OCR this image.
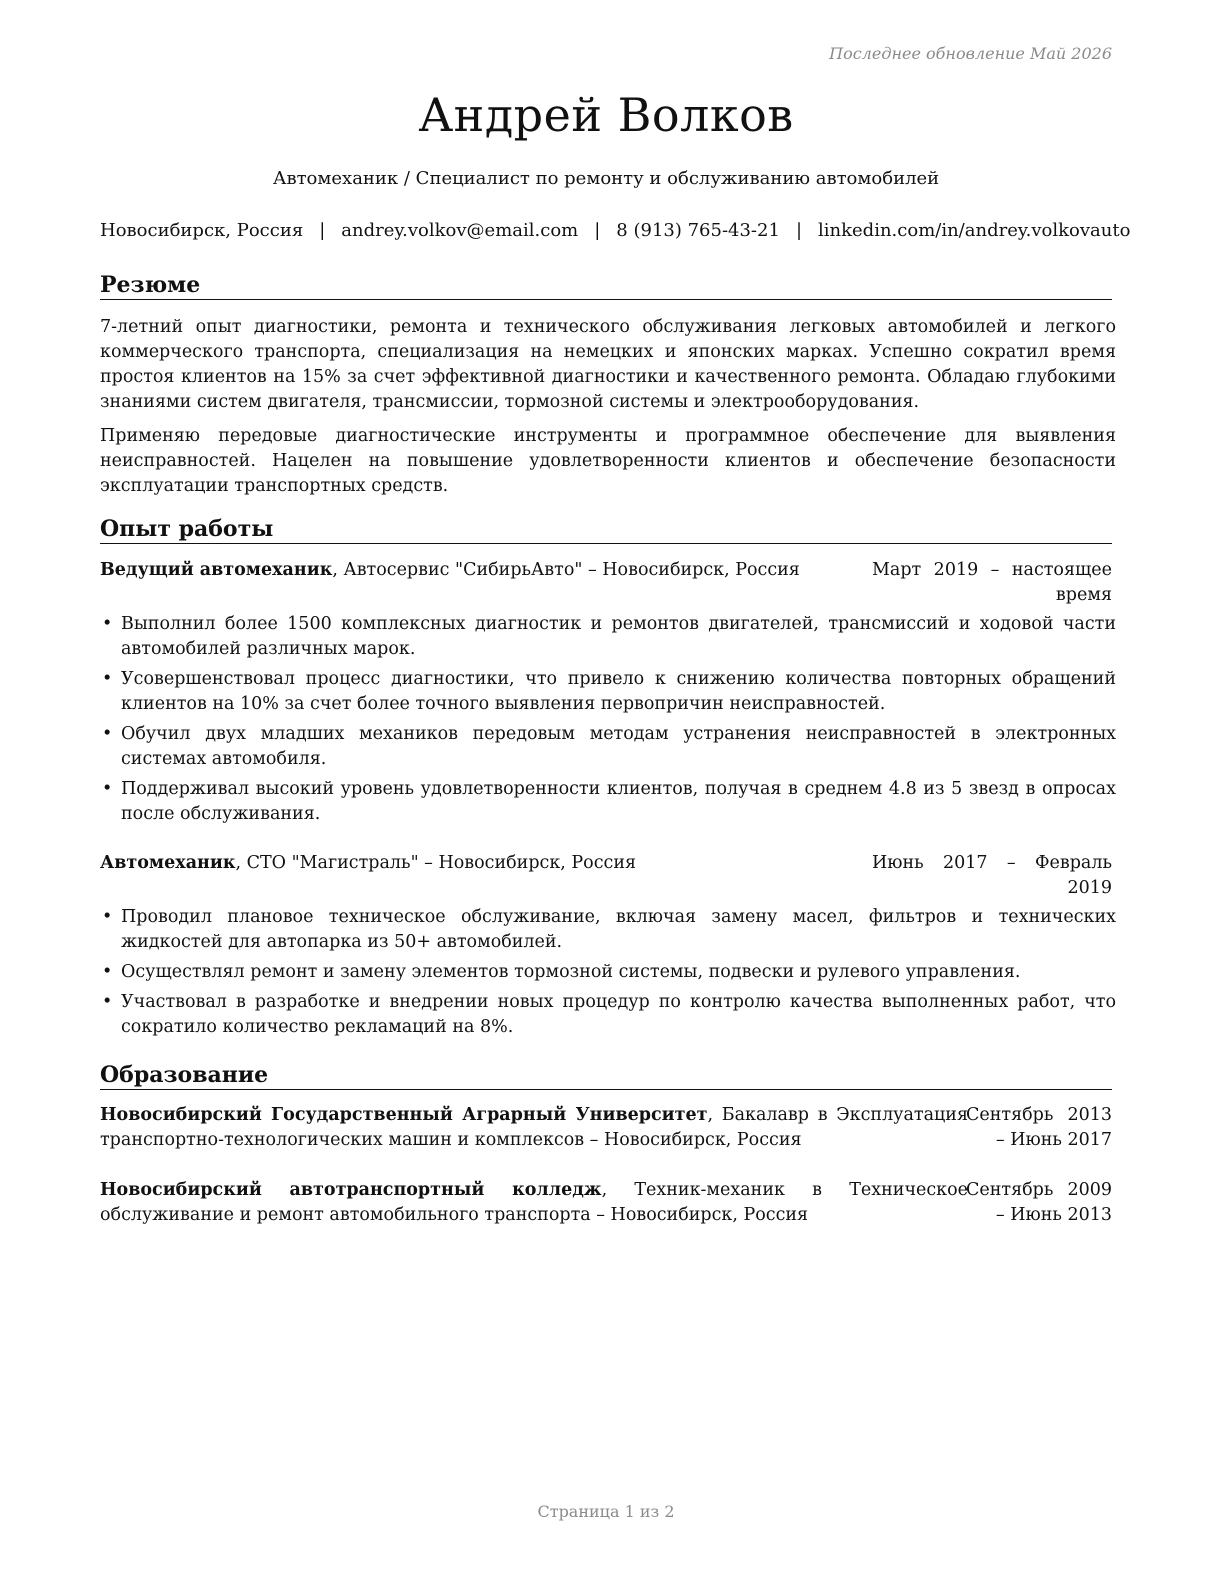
Последнее обновление Май 2026
Андрей Волков
Автомеханик / Специалист по ремонту и обслуживанию автомобилей
Новосибирск, Россия | andrey.volkov@email.com | 8 (913) 765-43-21 | linkedin.com/in/andrey.volkovauto
Резюме
7-летний опыт диагностики, ремонта и технического обслуживания легковых автомобилей и легкого коммерческого транспорта, специализация на немецких и японских марках. Успешно сократил время простоя клиентов на 15% за счет эффективной диагностики и качественного ремонта. Обладаю глубокими знаниями систем двигателя, трансмиссии, тормозной системы и электрооборудования.
Применяю передовые диагностические инструменты и программное обеспечение для выявления неисправностей. Нацелен на повышение удовлетворенности клиентов и обеспечение безопасности эксплуатации транспортных средств.
Опыт работы
Ведущий автомеханик, Автосервис "СибирьАвто" – Новосибирск, Россия	Март 2019 – настоящее время
• Выполнил более 1500 комплексных диагностик и ремонтов двигателей, трансмиссий и ходовой части автомобилей различных марок.
• Усовершенствовал процесс диагностики, что привело к снижению количества повторных обращений клиентов на 10% за счет более точного выявления первопричин неисправностей.
• Обучил двух младших механиков передовым методам устранения неисправностей в электронных системах автомобиля.
• Поддерживал высокий уровень удовлетворенности клиентов, получая в среднем 4.8 из 5 звезд в опросах после обслуживания.
Автомеханик, СТО "Магистраль" – Новосибирск, Россия	Июнь 2017 – Февраль 2019
• Проводил плановое техническое обслуживание, включая замену масел, фильтров и технических жидкостей для автопарка из 50+ автомобилей.
• Осуществлял ремонт и замену элементов тормозной системы, подвески и рулевого управления.
• Участвовал в разработке и внедрении новых процедур по контролю качества выполненных работ, что сократило количество рекламаций на 8%.
Образование
Новосибирский Государственный Аграрный Университет, Бакалавр в Эксплуатация транспортно-технологических машин и комплексов – Новосибирск, Россия
Сентябрь 2013 – Июнь 2017
Новосибирский автотранспортный колледж, Техник-механик в Техническое обслуживание и ремонт автомобильного транспорта – Новосибирск, Россия
Сентябрь 2009 – Июнь 2013
Страница 1 из 2
